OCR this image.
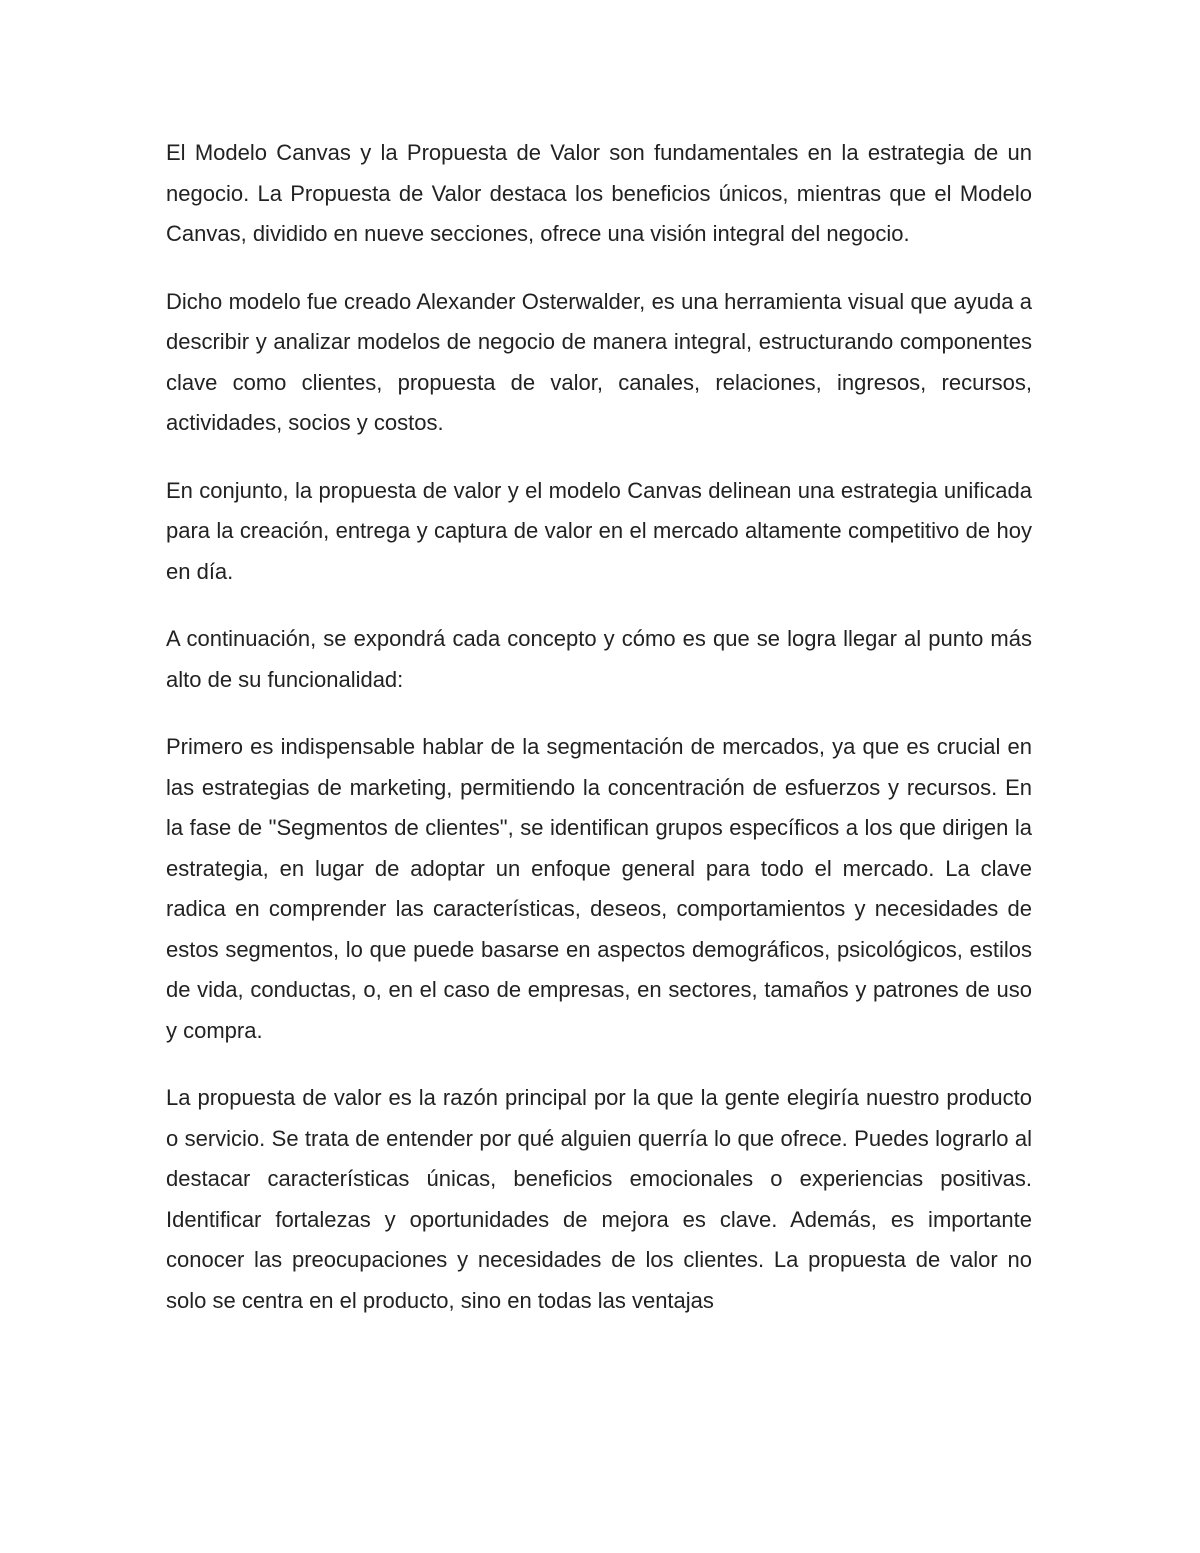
El Modelo Canvas y la Propuesta de Valor son fundamentales en la estrategia de un negocio. La Propuesta de Valor destaca los beneficios únicos, mientras que el Modelo Canvas, dividido en nueve secciones, ofrece una visión integral del negocio.

Dicho modelo fue creado Alexander Osterwalder, es una herramienta visual que ayuda a describir y analizar modelos de negocio de manera integral, estructurando componentes clave como clientes, propuesta de valor, canales, relaciones, ingresos, recursos, actividades, socios y costos.

En conjunto, la propuesta de valor y el modelo Canvas delinean una estrategia unificada para la creación, entrega y captura de valor en el mercado altamente competitivo de hoy en día.

A continuación, se expondrá cada concepto y cómo es que se logra llegar al punto más alto de su funcionalidad:

Primero es indispensable hablar de la segmentación de mercados, ya que es crucial en las estrategias de marketing, permitiendo la concentración de esfuerzos y recursos. En la fase de "Segmentos de clientes", se identifican grupos específicos a los que dirigen la estrategia, en lugar de adoptar un enfoque general para todo el mercado. La clave radica en comprender las características, deseos, comportamientos y necesidades de estos segmentos, lo que puede basarse en aspectos demográficos, psicológicos, estilos de vida, conductas, o, en el caso de empresas, en sectores, tamaños y patrones de uso y compra.

La propuesta de valor es la razón principal por la que la gente elegiría nuestro producto o servicio. Se trata de entender por qué alguien querría lo que ofrece. Puedes lograrlo al destacar características únicas, beneficios emocionales o experiencias positivas. Identificar fortalezas y oportunidades de mejora es clave. Además, es importante conocer las preocupaciones y necesidades de los clientes. La propuesta de valor no solo se centra en el producto, sino en todas las ventajas
